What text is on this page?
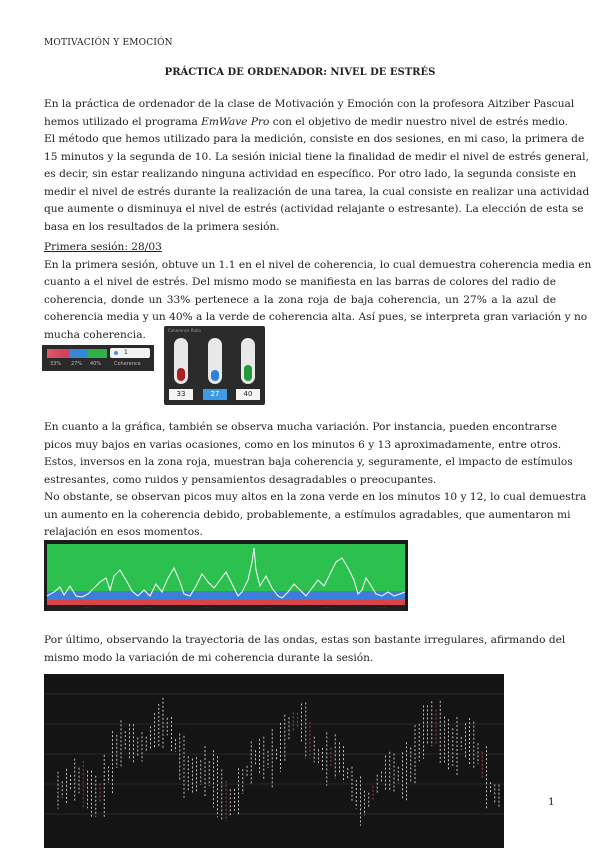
MOTIVACIÓN Y EMOCIÓN
PRÁCTICA DE ORDENADOR: NIVEL DE ESTRÉS
En la práctica de ordenador de la clase de Motivación y Emoción con la profesora Aitziber Pascual
hemos utilizado el programa EmWave Pro con el objetivo de medir nuestro nivel de estrés medio.
El método que hemos utilizado para la medición, consiste en dos sesiones, en mi caso, la primera de
15 minutos y la segunda de 10. La sesión inicial tiene la finalidad de medir el nivel de estrés general,
es decir, sin estar realizando ninguna actividad en específico. Por otro lado, la segunda consiste en
medir el nivel de estrés durante la realización de una tarea, la cual consiste en realizar una actividad
que aumente o disminuya el nivel de estrés (actividad relajante o estresante). La elección de esta se
basa en los resultados de la primera sesión.
Primera sesión: 28/03
En la primera sesión, obtuve un 1.1 en el nivel de coherencia, lo cual demuestra coherencia media en
cuanto a el nivel de estrés. Del mismo modo se manifiesta en las barras de colores del radio de
coherencia, donde un 33% pertenece a la zona roja de baja coherencia, un 27% a la azul de
coherencia media y un 40% a la verde de coherencia alta. Así pues, se interpreta gran variación y no
mucha coherencia.
33% 27% 40%
1
Coherence
Coherence Ratio
33	27	40
En cuanto a la gráfica, también se observa mucha variación. Por instancia, pueden encontrarse
picos muy bajos en varias ocasiones, como en los minutos 6 y 13 aproximadamente, entre otros.
Estos, inversos en la zona roja, muestran baja coherencia y, seguramente, el impacto de estímulos
estresantes, como ruidos y pensamientos desagradables o preocupantes.
No obstante, se observan picos muy altos en la zona verde en los minutos 10 y 12, lo cual demuestra
un aumento en la coherencia debido, probablemente, a estímulos agradables, que aumentaron mi
relajación en esos momentos.
· · ·	· · ·	· · ·	· · ·	· · ·	· · ·
Por último, observando la trayectoria de las ondas, estas son bastante irregulares, afirmando del
mismo modo la variación de mi coherencia durante la sesión.
1
